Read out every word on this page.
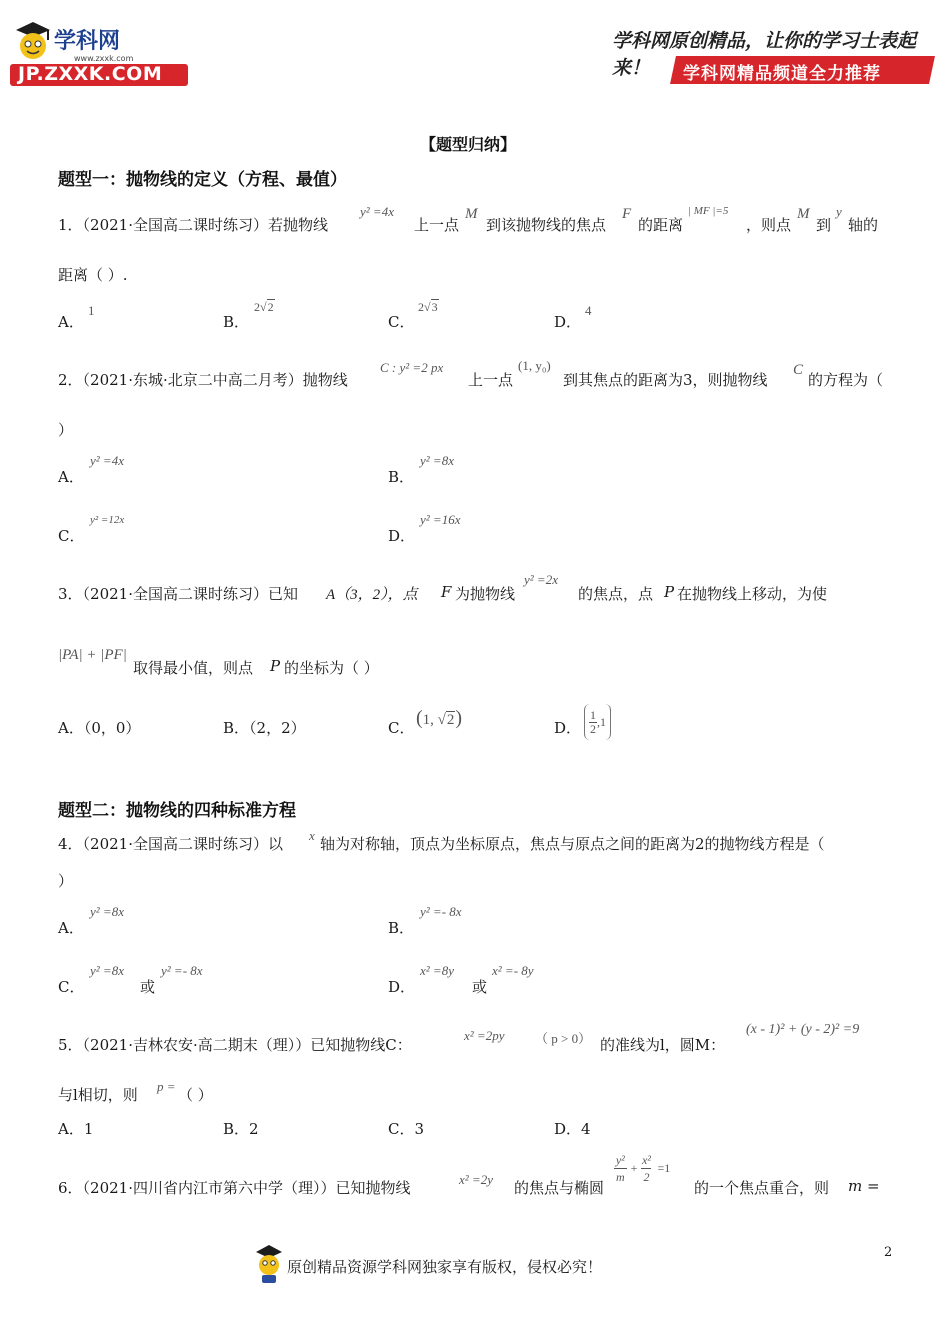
学科网
www.zxxk.com
JP.ZXXK.COM
学科网原创精品，让你的学习士表起来！	学科网精品频道全力推荐
【题型归纳】
题型一：抛物线的定义（方程、最值）
1．（2021·全国高二课时练习）若抛物线
y² =4x
上一点
M
到该抛物线的焦点
F
的距离
| MF |=5
，则点
M
到
y
轴的
距离（ ）.
A．
1
B．
2√2
C．
2√3
D．
4
2．（2021·东城·北京二中高二月考）抛物线
C : y² =2 px
上一点
(1, y₀)
到其焦点的距离为3，则抛物线
C
的方程为（
）
A．
y² =4x
B．
y² =8x
C．
y² =12x
D．
y² =16x
3．（2021·全国高二课时练习）已知 A（3，2），点 F 为抛物线
y² =2x
的焦点，点 P 在抛物线上移动，为使
|PA| + |PF|
取得最小值，则点 P 的坐标为（ ）
A．（0，0）	B．（2，2）	C． (1, √2)	D． $\frac{1}{2} ,1$
题型二：抛物线的四种标准方程
4．（2021·全国高二课时练习）以 x 轴为对称轴，顶点为坐标原点，焦点与原点之间的距离为2的抛物线方程是（
）
A．
y² =8x
B．
y² =- 8x
C．
y² =8x
或
y² =- 8x
D．
x² =8y
或
x² =- 8y
5．（2021·吉林农安·高二期末（理））已知抛物线C：
x² =2py （ p > 0） 的准线为l，圆M：
(x - 1)² + (y - 2)² =9
与l相切，则 p = （ ）
A．1	B．2	C．3	D．4
6．（2021·四川省内江市第六中学（理））已知抛物线	x² =2y 的焦点与椭圆
$\frac{\text{y²}}{m} + \frac{\text{x²}}{2} =1$
的一个焦点重合，则 m =
原创精品资源学科网独家享有版权，侵权必究！
2
